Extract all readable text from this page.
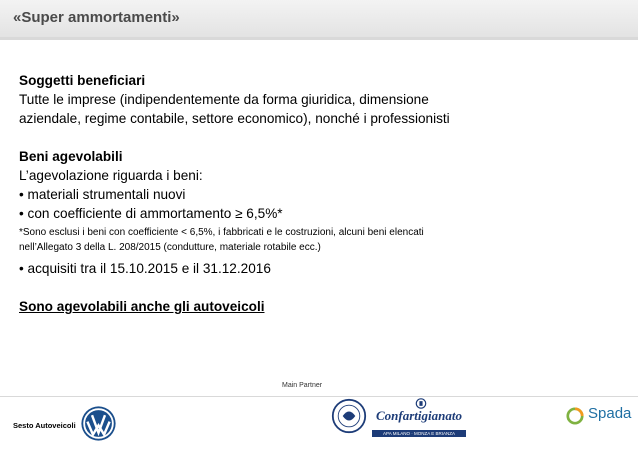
«Super ammortamenti»
Soggetti beneficiari
Tutte le imprese (indipendentemente da forma giuridica, dimensione
aziendale, regime contabile, settore economico), nonché i professionisti
Beni agevolabili
L’agevolazione riguarda i beni:
• materiali strumentali nuovi
• con coefficiente di ammortamento ≥ 6,5%*
*Sono esclusi i beni con coefficiente < 6,5%, i fabbricati e le costruzioni, alcuni beni elencati
nell’Allegato 3 della L. 208/2015 (condutture, materiale rotabile ecc.)
• acquisiti tra il 15.10.2015 e il 31.12.2016
Sono agevolabili anche gli autoveicoli
Main Partner
Sesto Autoveicoli
Confartigianato
APA MILANO · MONZA E BRIANZA
Spada
